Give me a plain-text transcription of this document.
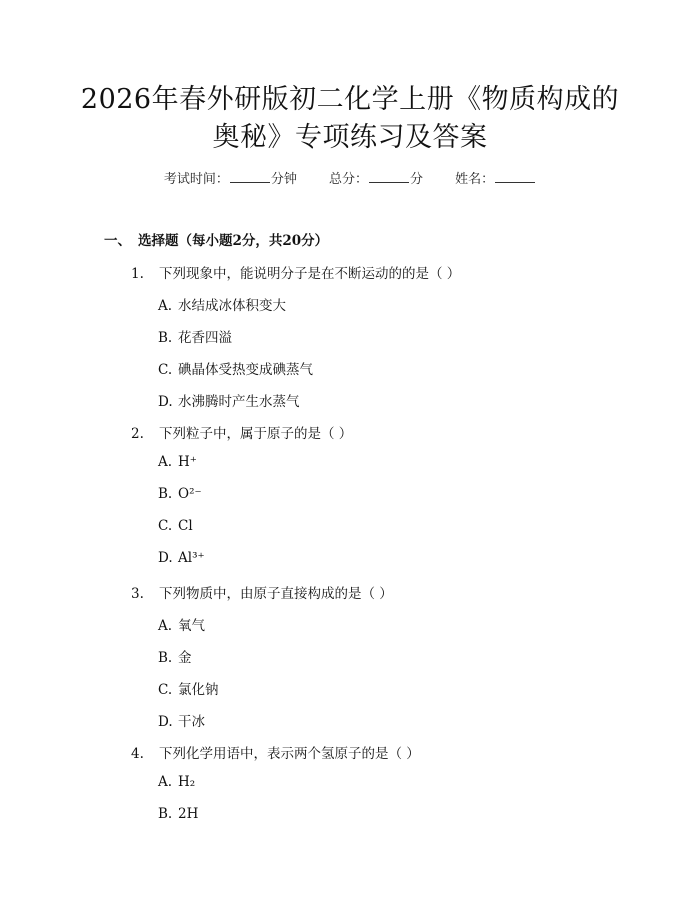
2026年春外研版初二化学上册《物质构成的
奥秘》专项练习及答案
考试时间：	分钟 总分：	分 姓名：
一、 选择题（每小题2分，共20分）
1. 下列现象中，能说明分子是在不断运动的的是（ ）
A. 水结成冰体积变大
B. 花香四溢
C. 碘晶体受热变成碘蒸气
D. 水沸腾时产生水蒸气
2. 下列粒子中，属于原子的是（ ）
A. H⁺
B. O²⁻
C. Cl
D. Al³⁺
3. 下列物质中，由原子直接构成的是（ ）
A. 氧气
B. 金
C. 氯化钠
D. 干冰
4. 下列化学用语中，表示两个氢原子的是（ ）
A. H₂
B. 2H
